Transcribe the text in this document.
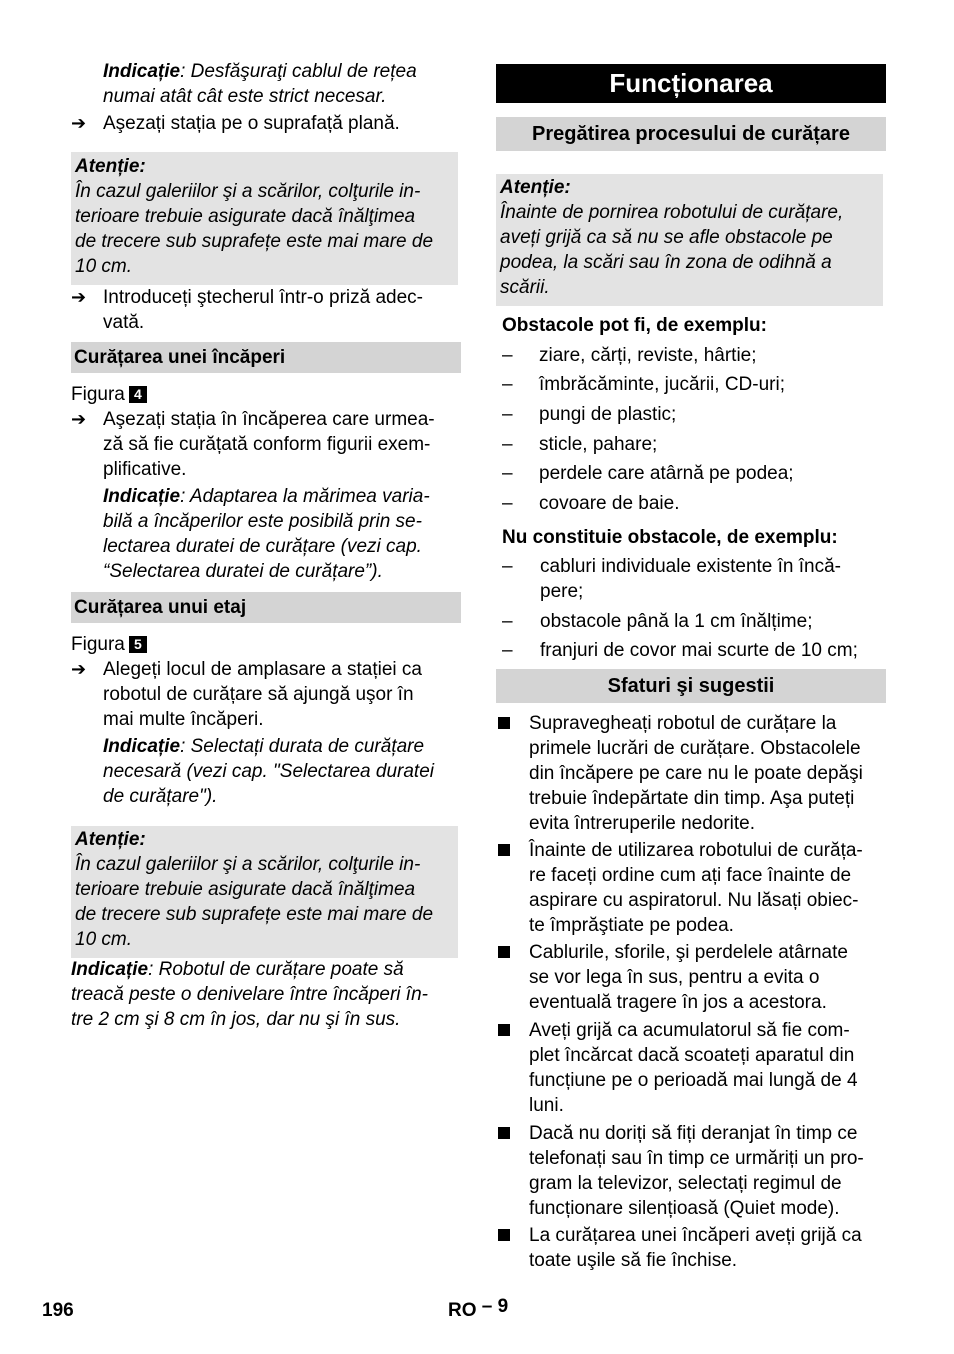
Indicație: Desfăşuraţi cablul de rețea
numai atât cât este strict necesar.
➔ Aşezați stația pe o suprafață plană.
Atenție:
În cazul galeriilor şi a scărilor, colţurile in-
terioare trebuie asigurate dacă înălţimea
de trecere sub suprafețe este mai mare de
10 cm.
➔ Introduceți ştecherul într-o priză adec-
vată.
Curățarea unei încăperi
Figura 4
➔ Aşezați stația în încăperea care urmea-
ză să fie curățată conform figurii exem-
plificative.
Indicație: Adaptarea la mărimea varia-
bilă a încăperilor este posibilă prin se-
lectarea duratei de curățare (vezi cap.
“Selectarea duratei de curățare”).
Curățarea unui etaj
Figura 5
➔ Alegeți locul de amplasare a stației ca
robotul de curățare să ajungă uşor în
mai multe încăperi.
Indicație: Selectați durata de curățare
necesară (vezi cap. "Selectarea duratei
de curățare").
Atenție:
În cazul galeriilor şi a scărilor, colţurile in-
terioare trebuie asigurate dacă înălţimea
de trecere sub suprafețe este mai mare de
10 cm.
Indicație: Robotul de curățare poate să
treacă peste o denivelare între încăperi în-
tre 2 cm şi 8 cm în jos, dar nu şi în sus.
Funcționarea
Pregătirea procesului de curățare
Atenție:
Înainte de pornirea robotului de curățare,
aveți grijă ca să nu se afle obstacole pe
podea, la scări sau în zona de odihnă a
scării.
Obstacole pot fi, de exemplu:
– ziare, cărți, reviste, hârtie;
– îmbrăcăminte, jucării, CD-uri;
– pungi de plastic;
– sticle, pahare;
– perdele care atârnă pe podea;
– covoare de baie.
Nu constituie obstacole, de exemplu:
– cabluri individuale existente în încă-
pere;
– obstacole până la 1 cm înălțime;
– franjuri de covor mai scurte de 10 cm;
Sfaturi şi sugestii
Supravegheați robotul de curățare la
primele lucrări de curățare. Obstacolele
din încăpere pe care nu le poate depăşi
trebuie îndepărtate din timp. Aşa puteți
evita întreruperile nedorite.
Înainte de utilizarea robotului de curăța-
re faceți ordine cum ați face înainte de
aspirare cu aspiratorul. Nu lăsați obiec-
te împrăştiate pe podea.
Cablurile, sforile, şi perdelele atârnate
se vor lega în sus, pentru a evita o
eventuală tragere în jos a acestora.
Aveți grijă ca acumulatorul să fie com-
plet încărcat dacă scoateți aparatul din
funcțiune pe o perioadă mai lungă de 4
luni.
Dacă nu doriți să fiți deranjat în timp ce
telefonați sau în timp ce urmăriți un pro-
gram la televizor, selectați regimul de
funcționare silențioasă (Quiet mode).
La curățarea unei încăperi aveți grijă ca
toate uşile să fie închise.
196	RO – 9
